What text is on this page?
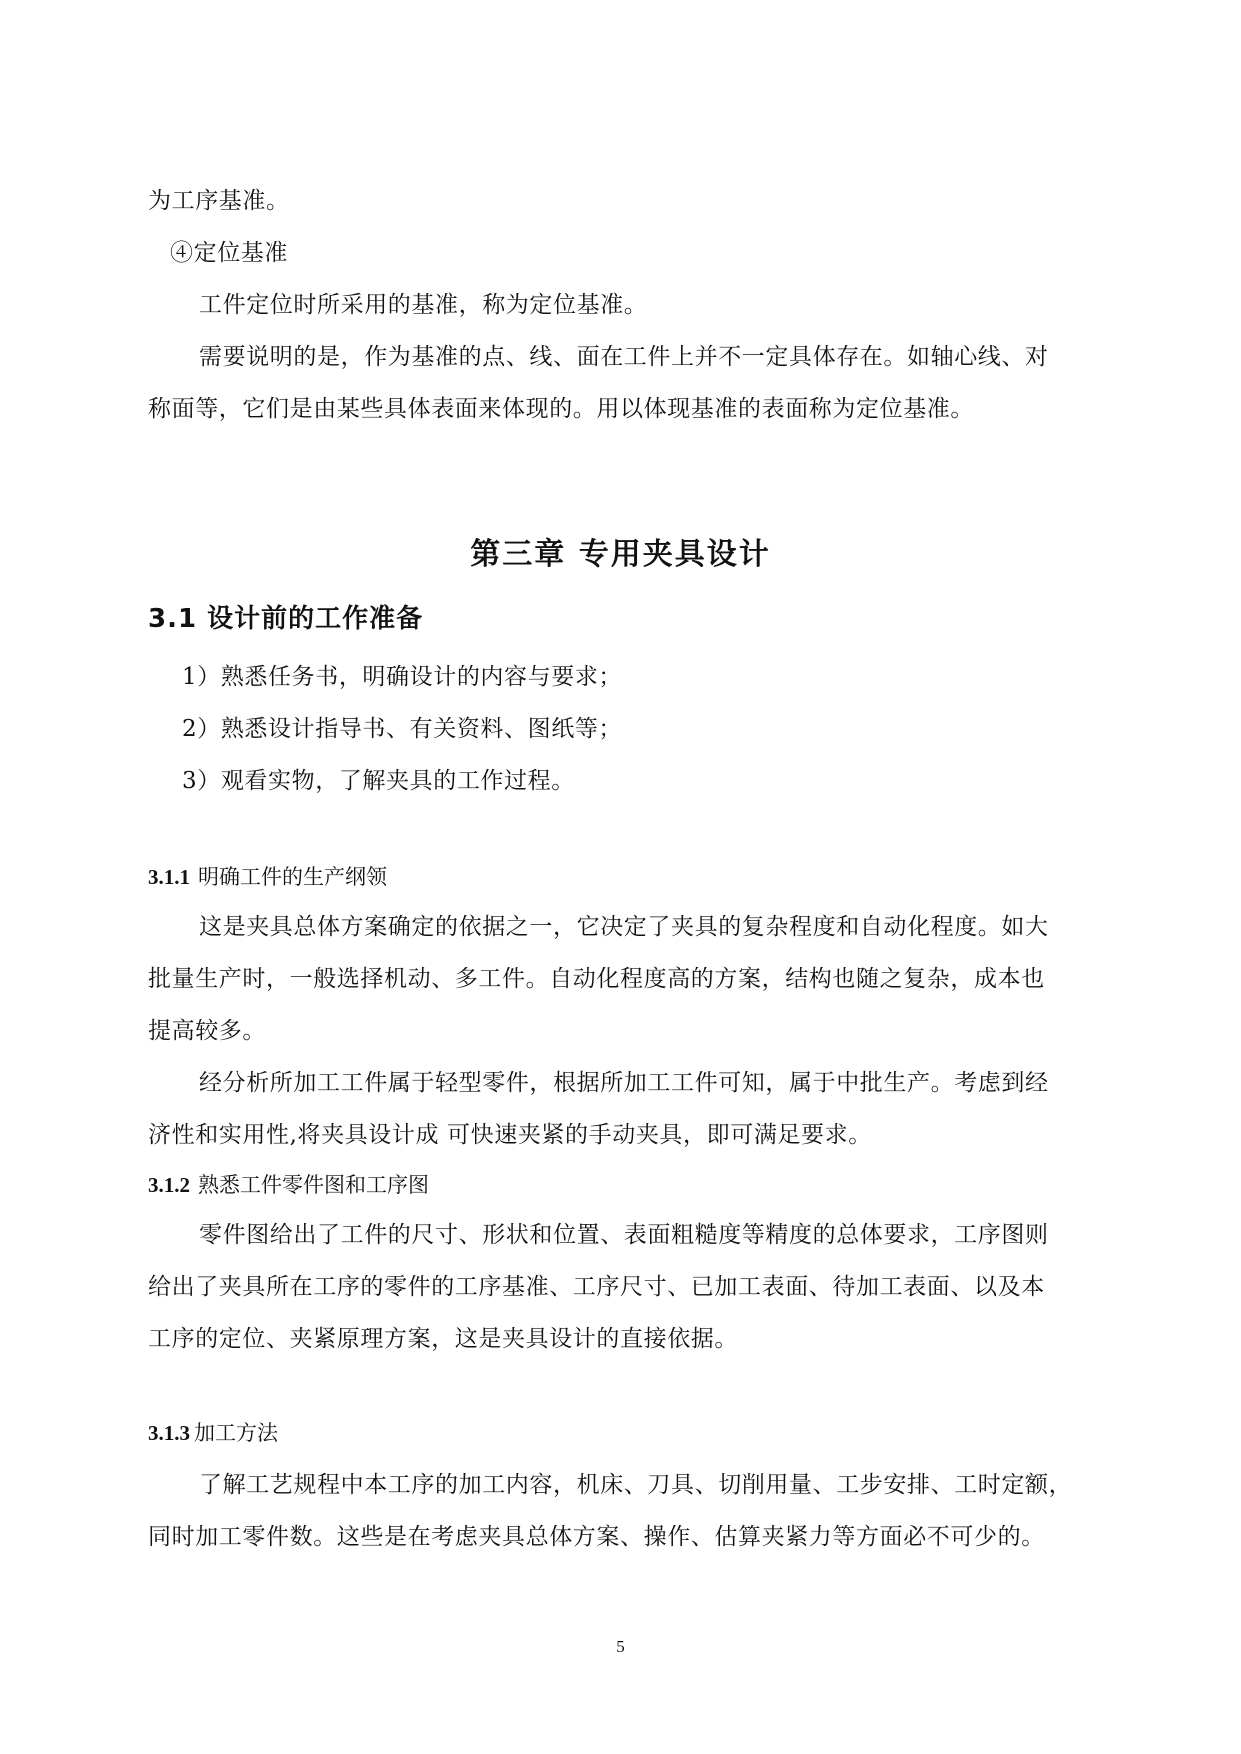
为工序基准。
④定位基准
工件定位时所采用的基准，称为定位基准。
需要说明的是，作为基准的点、线、面在工件上并不一定具体存在。如轴心线、对
称面等，它们是由某些具体表面来体现的。用以体现基准的表面称为定位基准。
第三章 专用夹具设计
3.1 设计前的工作准备
1）熟悉任务书，明确设计的内容与要求；
2）熟悉设计指导书、有关资料、图纸等；
3）观看实物，了解夹具的工作过程。
3.1.1 明确工件的生产纲领
这是夹具总体方案确定的依据之一，它决定了夹具的复杂程度和自动化程度。如大
批量生产时，一般选择机动、多工件。自动化程度高的方案，结构也随之复杂，成本也
提高较多。
经分析所加工工件属于轻型零件，根据所加工工件可知，属于中批生产。考虑到经
济性和实用性,将夹具设计成 可快速夹紧的手动夹具，即可满足要求。
3.1.2 熟悉工件零件图和工序图
零件图给出了工件的尺寸、形状和位置、表面粗糙度等精度的总体要求，工序图则
给出了夹具所在工序的零件的工序基准、工序尺寸、已加工表面、待加工表面、以及本
工序的定位、夹紧原理方案，这是夹具设计的直接依据。
3.1.3 加工方法
了解工艺规程中本工序的加工内容，机床、刀具、切削用量、工步安排、工时定额，
同时加工零件数。这些是在考虑夹具总体方案、操作、估算夹紧力等方面必不可少的。
5
